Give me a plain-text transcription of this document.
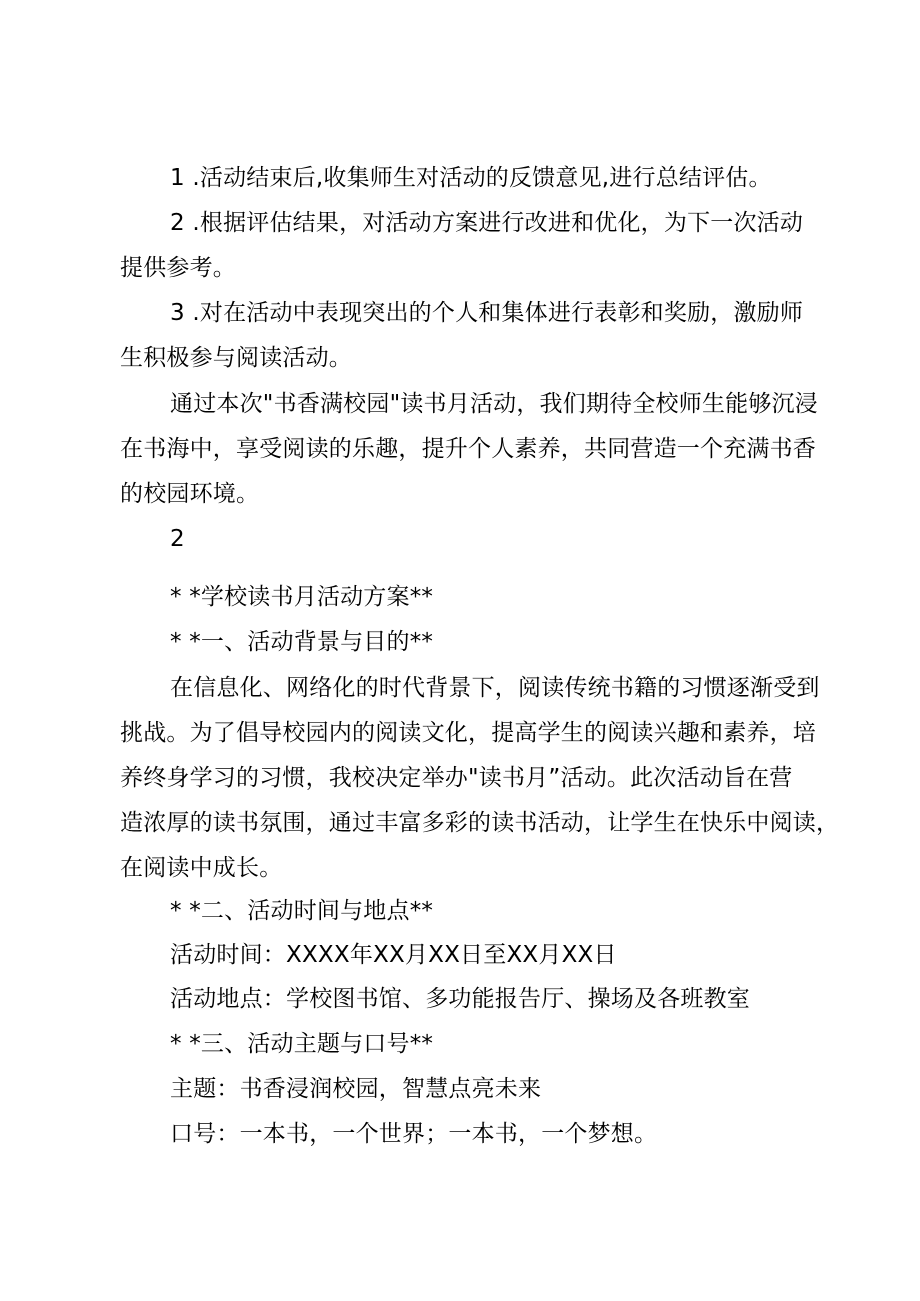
1 .活动结束后,收集师生对活动的反馈意见,进行总结评估。
2 .根据评估结果，对活动方案进行改进和优化，为下一次活动
提供参考。
3 .对在活动中表现突出的个人和集体进行表彰和奖励，激励师
生积极参与阅读活动。
通过本次"书香满校园"读书月活动，我们期待全校师生能够沉浸
在书海中，享受阅读的乐趣，提升个人素养，共同营造一个充满书香
的校园环境。
2
* *学校读书月活动方案**
* *一、活动背景与目的**
在信息化、网络化的时代背景下，阅读传统书籍的习惯逐渐受到
挑战。为了倡导校园内的阅读文化，提高学生的阅读兴趣和素养，培
养终身学习的习惯，我校决定举办"读书月”活动。此次活动旨在营
造浓厚的读书氛围，通过丰富多彩的读书活动，让学生在快乐中阅读，
在阅读中成长。
* *二、活动时间与地点**
活动时间：XXXX年XX月XX日至XX月XX日
活动地点：学校图书馆、多功能报告厅、操场及各班教室
* *三、活动主题与口号**
主题：书香浸润校园，智慧点亮未来
口号：一本书，一个世界；一本书，一个梦想。
